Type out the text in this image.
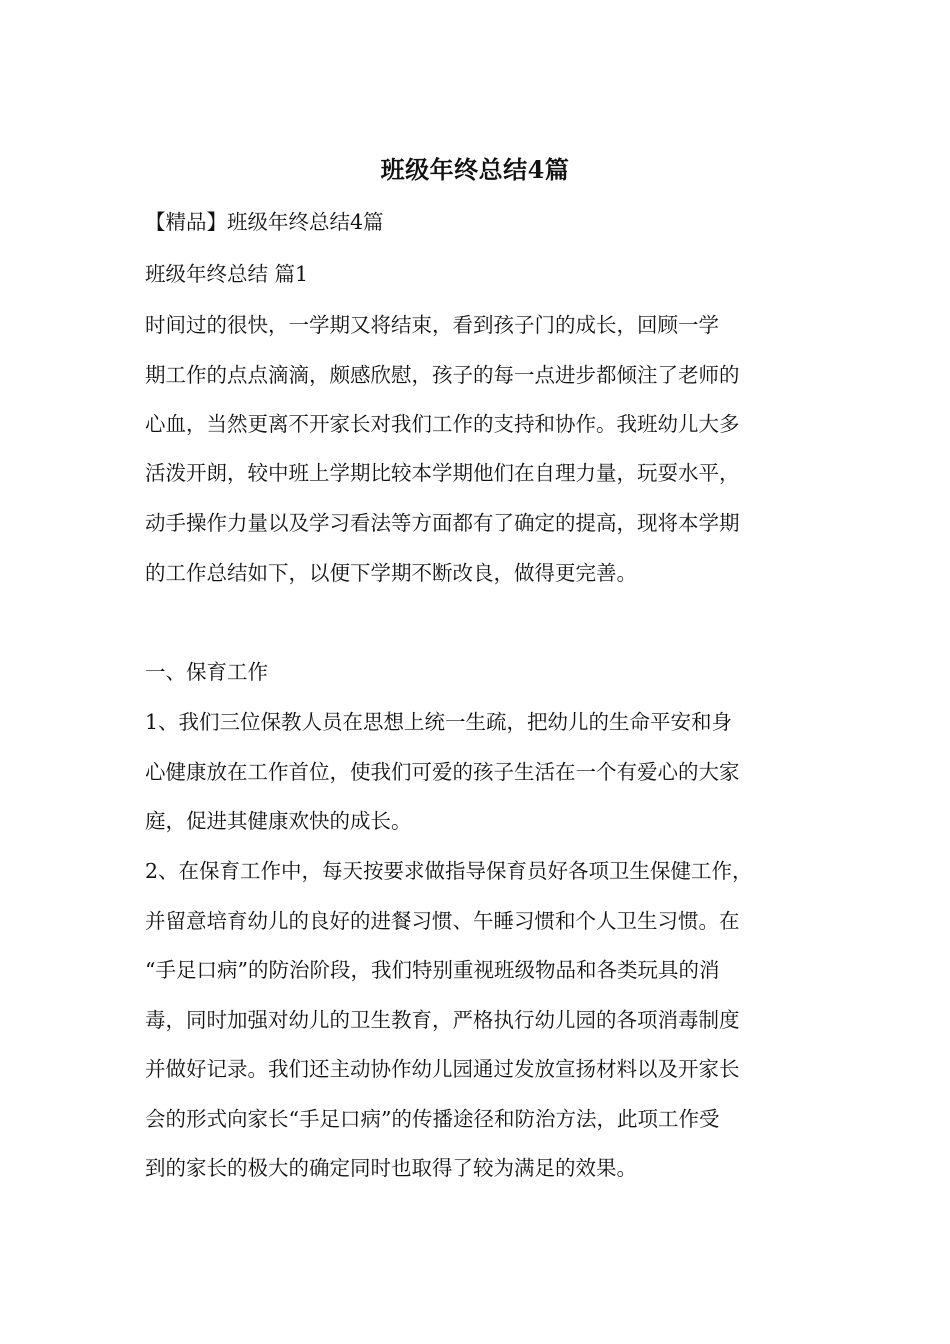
班级年终总结4篇
【精品】班级年终总结4篇
班级年终总结 篇1
时间过的很快，一学期又将结束，看到孩子门的成长，回顾一学
期工作的点点滴滴，颇感欣慰，孩子的每一点进步都倾注了老师的
心血，当然更离不开家长对我们工作的支持和协作。我班幼儿大多
活泼开朗，较中班上学期比较本学期他们在自理力量，玩耍水平，
动手操作力量以及学习看法等方面都有了确定的提高，现将本学期
的工作总结如下，以便下学期不断改良，做得更完善。
一、保育工作
1、我们三位保教人员在思想上统一生疏，把幼儿的生命平安和身
心健康放在工作首位，使我们可爱的孩子生活在一个有爱心的大家
庭，促进其健康欢快的成长。
2、在保育工作中，每天按要求做指导保育员好各项卫生保健工作，
并留意培育幼儿的良好的进餐习惯、午睡习惯和个人卫生习惯。在
“手足口病”的防治阶段，我们特别重视班级物品和各类玩具的消
毒，同时加强对幼儿的卫生教育，严格执行幼儿园的各项消毒制度
并做好记录。我们还主动协作幼儿园通过发放宣扬材料以及开家长
会的形式向家长“手足口病”的传播途径和防治方法，此项工作受
到的家长的极大的确定同时也取得了较为满足的效果。
